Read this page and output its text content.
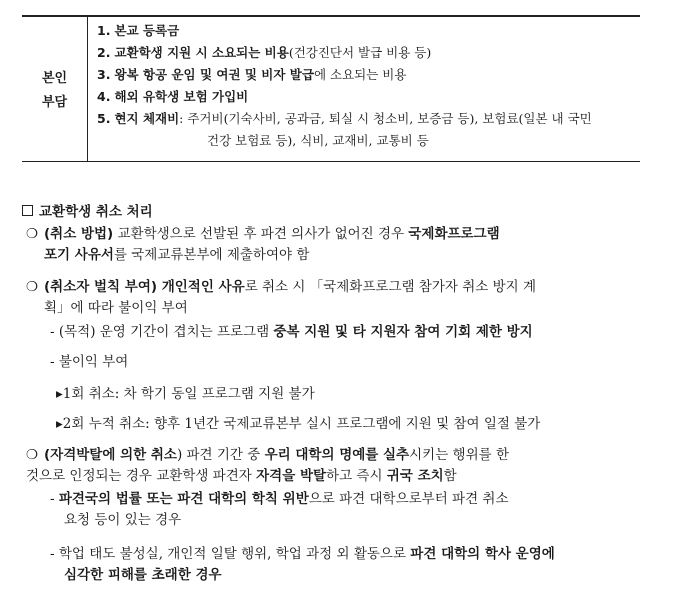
본인
부담
1. 본교 등록금
2. 교환학생 지원 시 소요되는 비용(건강진단서 발급 비용 등)
3. 왕복 항공 운임 및 여권 및 비자 발급에 소요되는 비용
4. 해외 유학생 보험 가입비
5. 현지 체재비: 주거비(기숙사비, 공과금, 퇴실 시 청소비, 보증금 등), 보험료(일본 내 국민
건강 보험료 등), 식비, 교재비, 교통비 등
교환학생 취소 처리
❍ (취소 방법) 교환학생으로 선발된 후 파견 의사가 없어진 경우 국제화프로그램
포기 사유서를 국제교류본부에 제출하여야 함
❍ (취소자 벌칙 부여) 개인적인 사유로 취소 시 「국제화프로그램 참가자 취소 방지 계
획」에 따라 불이익 부여
- (목적) 운영 기간이 겹치는 프로그램 중복 지원 및 타 지원자 참여 기회 제한 방지
- 불이익 부여
▸1회 취소: 차 학기 동일 프로그램 지원 불가
▸2회 누적 취소: 향후 1년간 국제교류본부 실시 프로그램에 지원 및 참여 일절 불가
❍ (자격박탈에 의한 취소) 파견 기간 중 우리 대학의 명예를 실추시키는 행위를 한
것으로 인정되는 경우 교환학생 파견자 자격을 박탈하고 즉시 귀국 조치함
- 파견국의 법률 또는 파견 대학의 학칙 위반으로 파견 대학으로부터 파견 취소
요청 등이 있는 경우
- 학업 태도 불성실, 개인적 일탈 행위, 학업 과정 외 활동으로 파견 대학의 학사 운영에
심각한 피해를 초래한 경우
